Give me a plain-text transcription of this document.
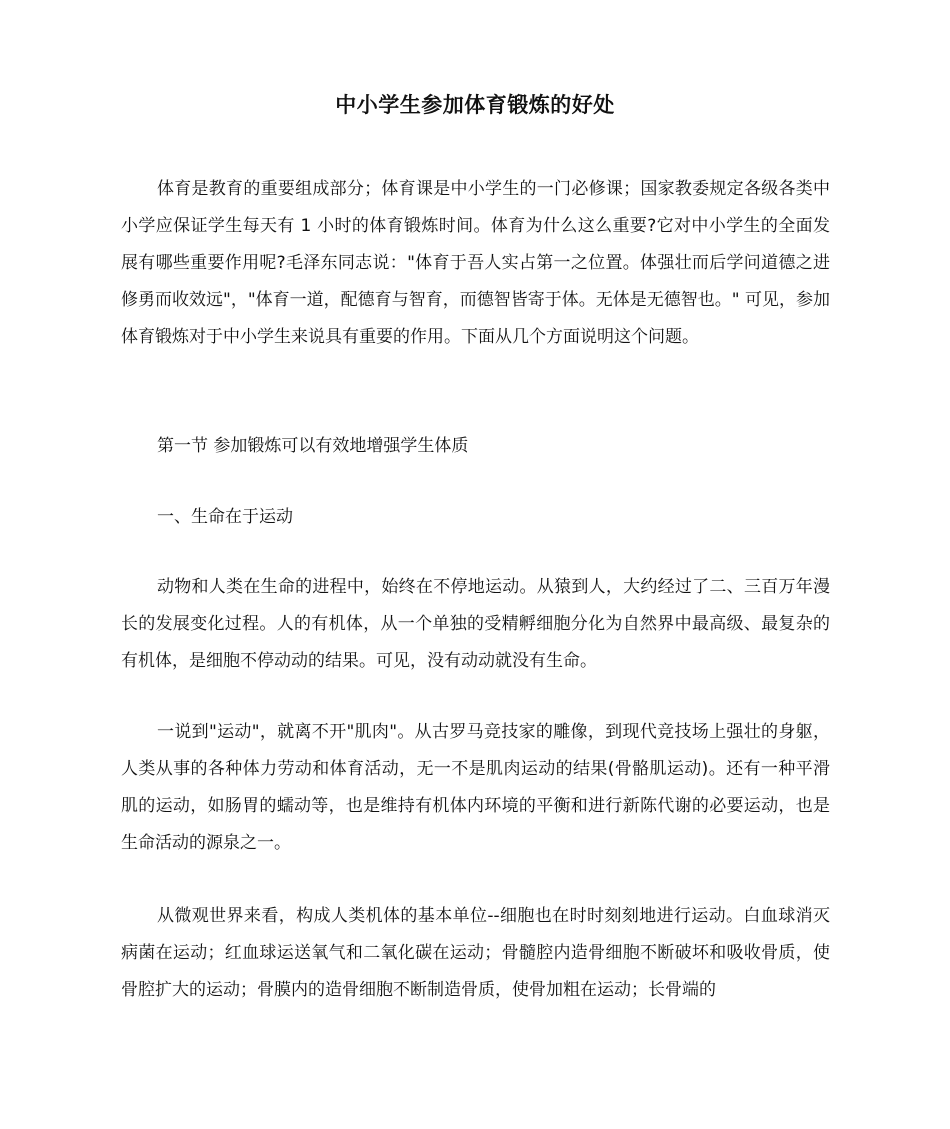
中小学生参加体育锻炼的好处

体育是教育的重要组成部分；体育课是中小学生的一门必修课；国家教委规定各级各类中小学应保证学生每天有 1 小时的体育锻炼时间。体育为什么这么重要?它对中小学生的全面发展有哪些重要作用呢?毛泽东同志说："体育于吾人实占第一之位置。体强壮而后学问道德之进修勇而收效远"，"体育一道，配德育与智育，而德智皆寄于体。无体是无德智也。" 可见，参加体育锻炼对于中小学生来说具有重要的作用。下面从几个方面说明这个问题。

第一节 参加锻炼可以有效地增强学生体质

一、生命在于运动

动物和人类在生命的进程中，始终在不停地运动。从猿到人，大约经过了二、三百万年漫长的发展变化过程。人的有机体，从一个单独的受精孵细胞分化为自然界中最高级、最复杂的有机体，是细胞不停动动的结果。可见，没有动动就没有生命。

一说到"运动"，就离不开"肌肉"。从古罗马竞技家的雕像，到现代竞技场上强壮的身躯，人类从事的各种体力劳动和体育活动，无一不是肌肉运动的结果(骨骼肌运动)。还有一种平滑肌的运动，如肠胃的蠕动等，也是维持有机体内环境的平衡和进行新陈代谢的必要运动，也是生命活动的源泉之一。

从微观世界来看，构成人类机体的基本单位--细胞也在时时刻刻地进行运动。白血球消灭病菌在运动；红血球运送氧气和二氧化碳在运动；骨髓腔内造骨细胞不断破坏和吸收骨质，使骨腔扩大的运动；骨膜内的造骨细胞不断制造骨质，使骨加粗在运动；长骨端的
